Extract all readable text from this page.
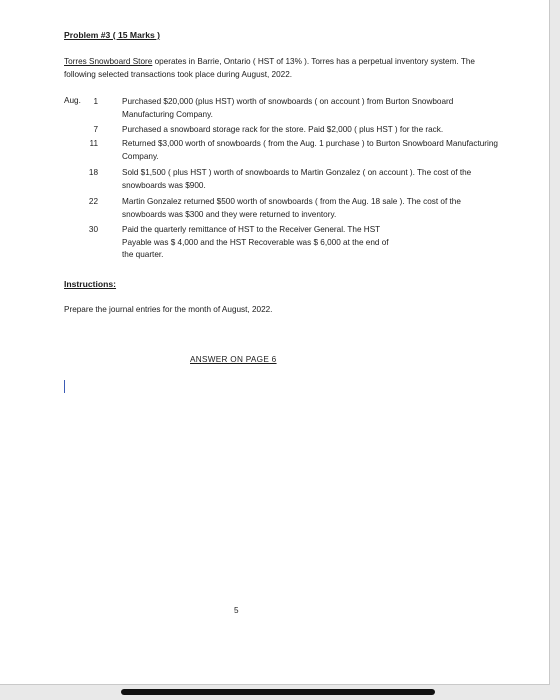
Problem #3 ( 15 Marks )
Torres Snowboard Store operates in Barrie, Ontario ( HST of 13% ). Torres has a perpetual inventory system. The following selected transactions took place during August, 2022.
Aug.	1	Purchased $20,000 (plus HST) worth of snowboards ( on account ) from Burton Snowboard Manufacturing Company.
7	Purchased a snowboard storage rack for the store. Paid $2,000 ( plus HST ) for the rack.
11	Returned $3,000 worth of snowboards ( from the Aug. 1 purchase ) to Burton Snowboard Manufacturing Company.
18	Sold $1,500 ( plus HST ) worth of snowboards to Martin Gonzalez ( on account ). The cost of the snowboards was $900.
22	Martin Gonzalez returned $500 worth of snowboards ( from the Aug. 18 sale ). The cost of the snowboards was $300 and they were returned to inventory.
30	Paid the quarterly remittance of HST to the Receiver General. The HST Payable was $ 4,000 and the HST Recoverable was $ 6,000 at the end of the quarter.
Instructions:
Prepare the journal entries for the month of August, 2022.
ANSWER ON PAGE 6
5
